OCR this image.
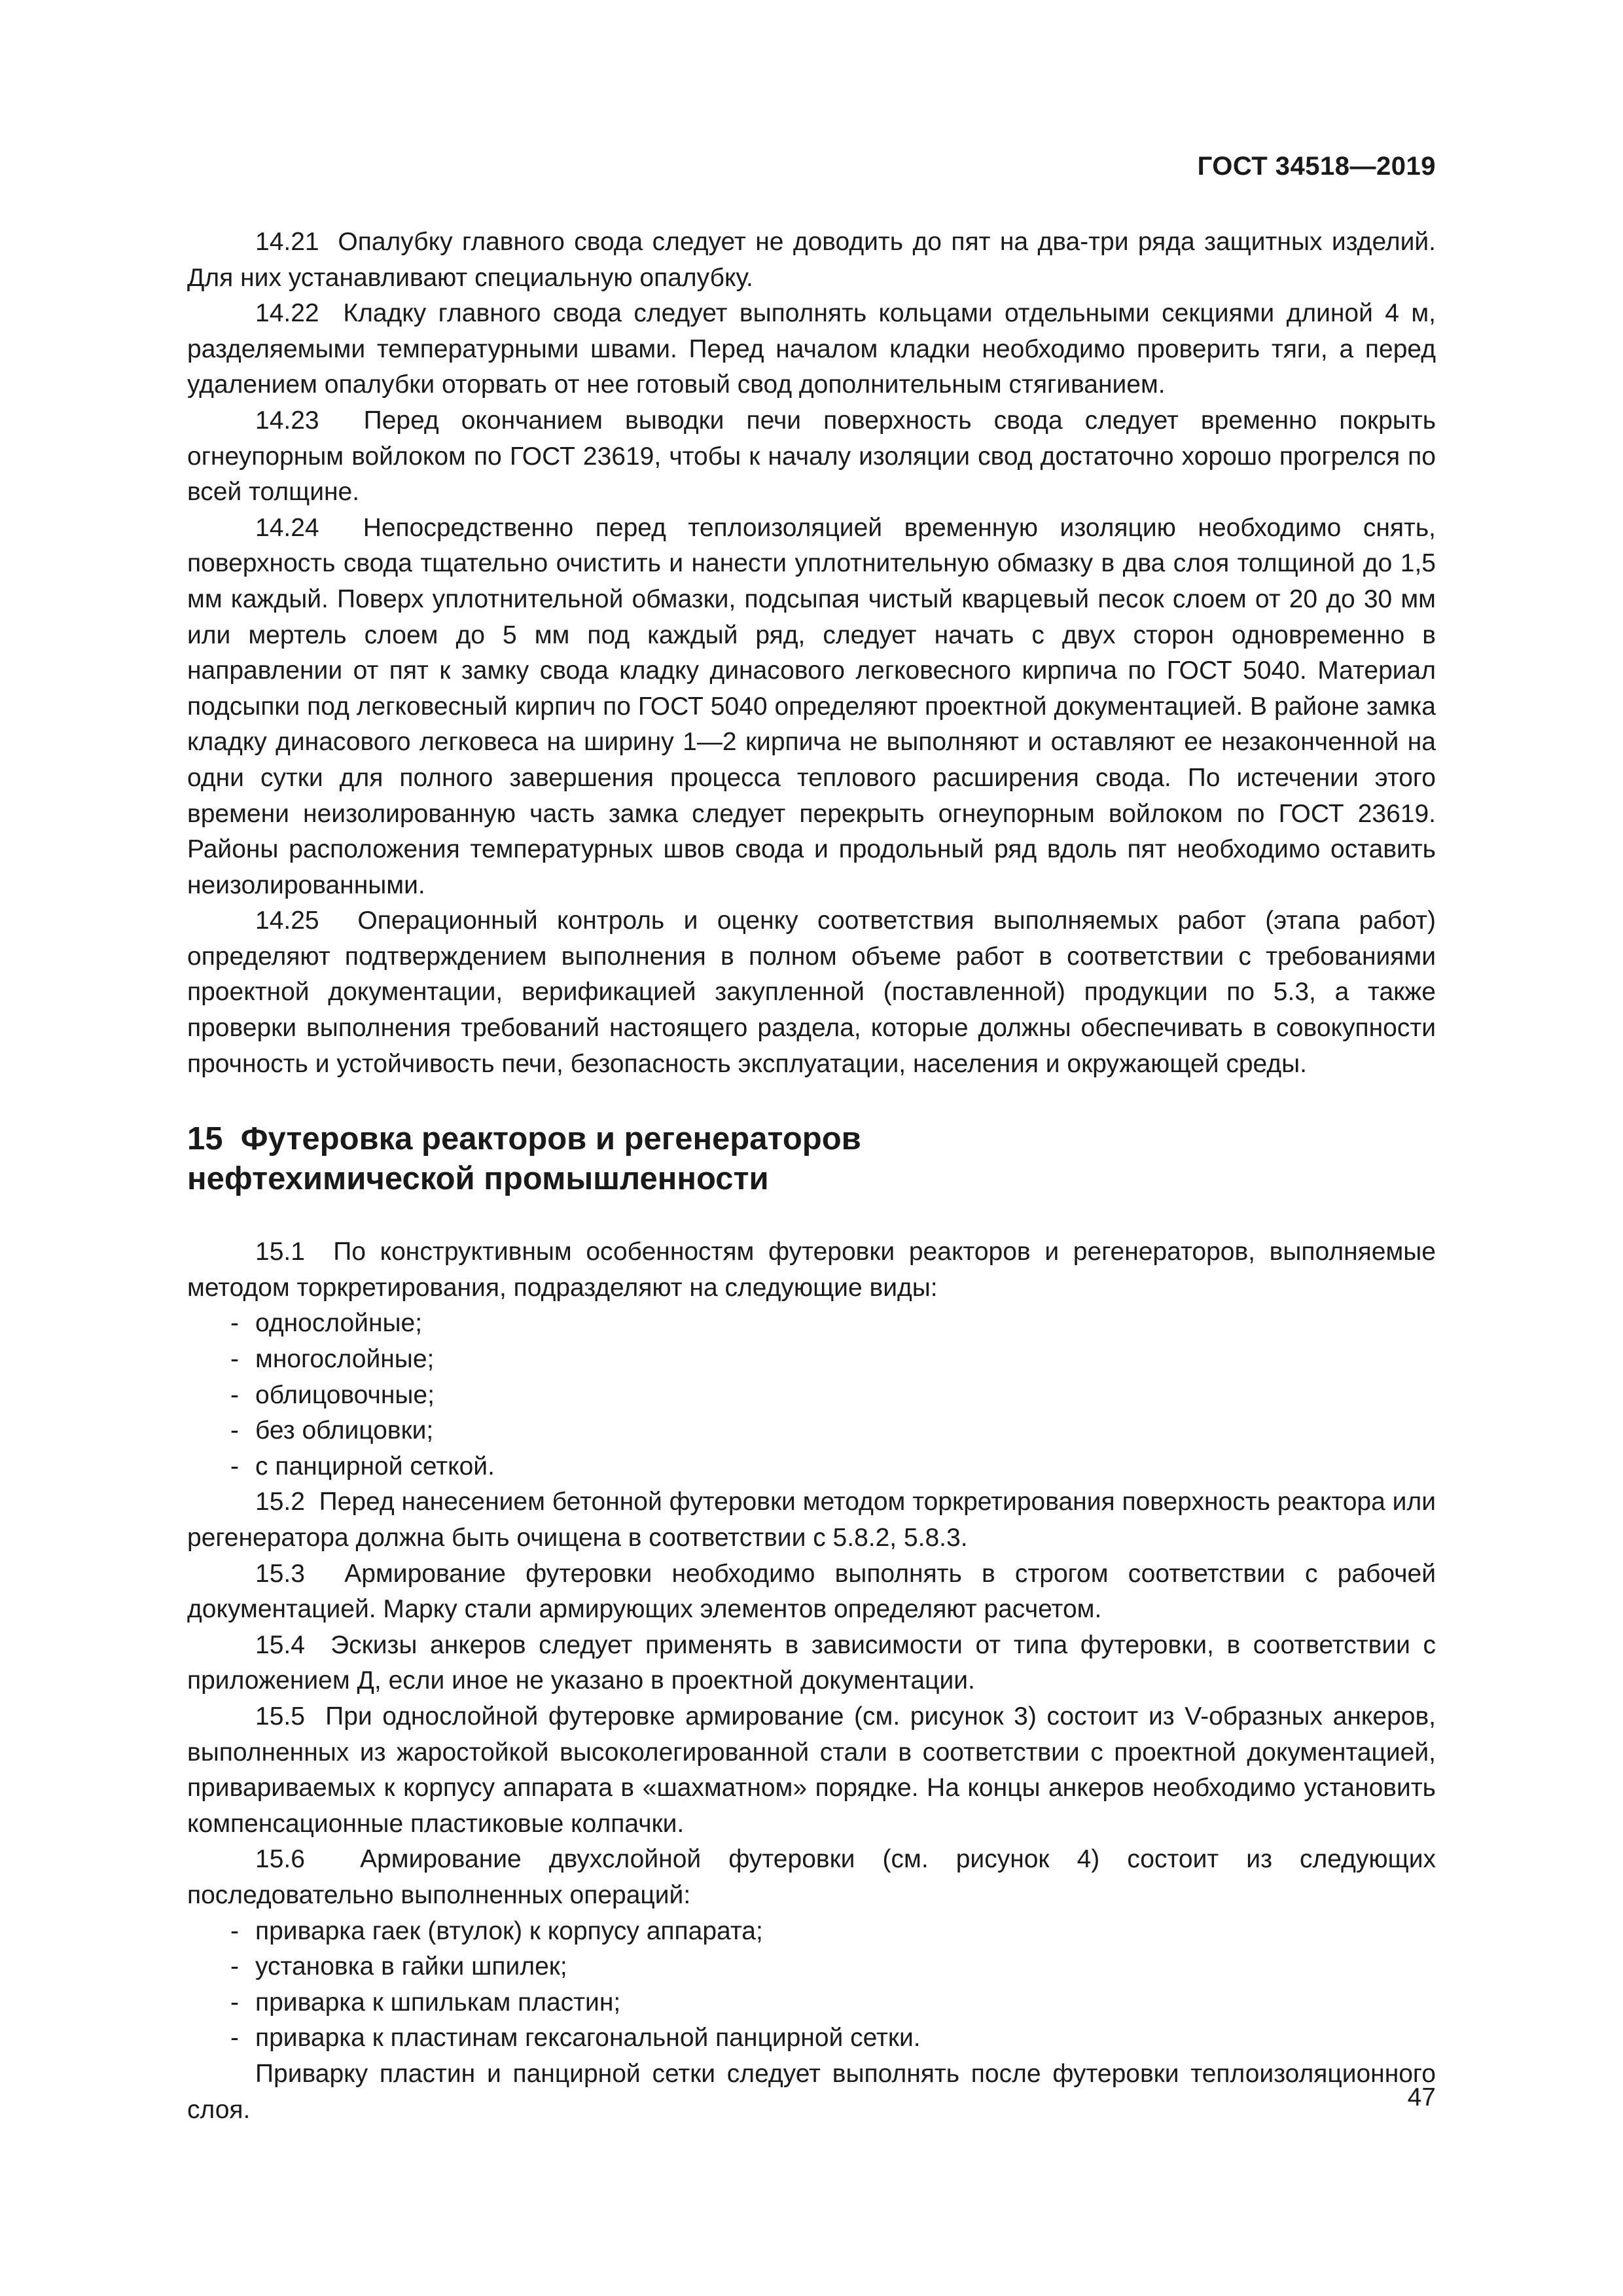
ГОСТ 34518—2019

14.21 Опалубку главного свода следует не доводить до пят на два-три ряда защитных изделий. Для них устанавливают специальную опалубку.

14.22 Кладку главного свода следует выполнять кольцами отдельными секциями длиной 4 м, разделяемыми температурными швами. Перед началом кладки необходимо проверить тяги, а перед удалением опалубки оторвать от нее готовый свод дополнительным стягиванием.

14.23 Перед окончанием выводки печи поверхность свода следует временно покрыть огнеупорным войлоком по ГОСТ 23619, чтобы к началу изоляции свод достаточно хорошо прогрелся по всей толщине.

14.24 Непосредственно перед теплоизоляцией временную изоляцию необходимо снять, поверхность свода тщательно очистить и нанести уплотнительную обмазку в два слоя толщиной до 1,5 мм каждый. Поверх уплотнительной обмазки, подсыпая чистый кварцевый песок слоем от 20 до 30 мм или мертель слоем до 5 мм под каждый ряд, следует начать с двух сторон одновременно в направлении от пят к замку свода кладку динасового легковесного кирпича по ГОСТ 5040. Материал подсыпки под легковесный кирпич по ГОСТ 5040 определяют проектной документацией. В районе замка кладку динасового легковеса на ширину 1—2 кирпича не выполняют и оставляют ее незаконченной на одни сутки для полного завершения процесса теплового расширения свода. По истечении этого времени неизолированную часть замка следует перекрыть огнеупорным войлоком по ГОСТ 23619. Районы расположения температурных швов свода и продольный ряд вдоль пят необходимо оставить неизолированными.

14.25 Операционный контроль и оценку соответствия выполняемых работ (этапа работ) определяют подтверждением выполнения в полном объеме работ в соответствии с требованиями проектной документации, верификацией закупленной (поставленной) продукции по 5.3, а также проверки выполнения требований настоящего раздела, которые должны обеспечивать в совокупности прочность и устойчивость печи, безопасность эксплуатации, населения и окружающей среды.

15  Футеровка реакторов и регенераторов
нефтехимической промышленности

15.1 По конструктивным особенностям футеровки реакторов и регенераторов, выполняемые методом торкретирования, подразделяют на следующие виды:

- однослойные;
- многослойные;
- облицовочные;
- без облицовки;
- с панцирной сеткой.

15.2 Перед нанесением бетонной футеровки методом торкретирования поверхность реактора или регенератора должна быть очищена в соответствии с 5.8.2, 5.8.3.

15.3 Армирование футеровки необходимо выполнять в строгом соответствии с рабочей документацией. Марку стали армирующих элементов определяют расчетом.

15.4 Эскизы анкеров следует применять в зависимости от типа футеровки, в соответствии с приложением Д, если иное не указано в проектной документации.

15.5 При однослойной футеровке армирование (см. рисунок 3) состоит из V-образных анкеров, выполненных из жаростойкой высоколегированной стали в соответствии с проектной документацией, привариваемых к корпусу аппарата в «шахматном» порядке. На концы анкеров необходимо установить компенсационные пластиковые колпачки.

15.6 Армирование двухслойной футеровки (см. рисунок 4) состоит из следующих последовательно выполненных операций:

- приварка гаек (втулок) к корпусу аппарата;
- установка в гайки шпилек;
- приварка к шпилькам пластин;
- приварка к пластинам гексагональной панцирной сетки.

Приварку пластин и панцирной сетки следует выполнять после футеровки теплоизоляционного слоя.	47
